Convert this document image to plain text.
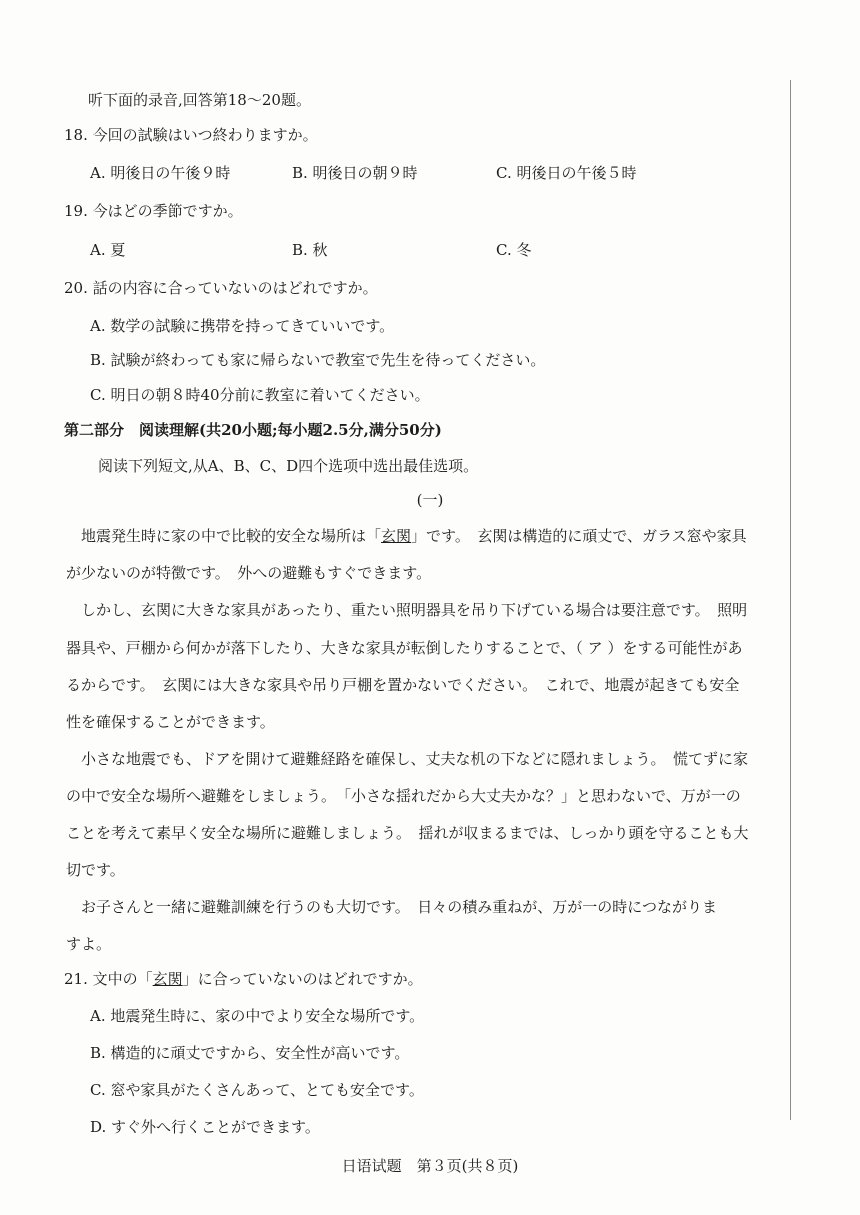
听下面的录音,回答第18～20题。
18. 今回の試験はいつ終わりますか。
A. 明後日の午後９時	B. 明後日の朝９時	C. 明後日の午後５時
19. 今はどの季節ですか。
A. 夏	B. 秋	C. 冬
20. 話の内容に合っていないのはどれですか。
A. 数学の試験に携帯を持ってきていいです。
B. 試験が終わっても家に帰らないで教室で先生を待ってください。
C. 明日の朝８時40分前に教室に着いてください。
第二部分　阅读理解(共20小题;每小题2.5分,满分50分)
阅读下列短文,从A、B、C、D四个选项中选出最佳选项。
(一)
　地震発生時に家の中で比較的安全な場所は「玄関」です。　玄関は構造的に頑丈で、ガラス窓や家具
が少ないのが特徴です。　外への避難もすぐできます。
　しかし、玄関に大きな家具があったり、重たい照明器具を吊り下げている場合は要注意です。　照明
器具や、戸棚から何かが落下したり、大きな家具が転倒したりすることで、（ ア ）をする可能性があ
るからです。　玄関には大きな家具や吊り戸棚を置かないでください。　これで、地震が起きても安全
性を確保することができます。
　小さな地震でも、ドアを開けて避難経路を確保し、丈夫な机の下などに隠れましょう。　慌てずに家
の中で安全な場所へ避難をしましょう。　「小さな揺れだから大丈夫かな？」と思わないで、万が一の
ことを考えて素早く安全な場所に避難しましょう。　揺れが収まるまでは、しっかり頭を守ることも大
切です。
　お子さんと一緒に避難訓練を行うのも大切です。　日々の積み重ねが、万が一の時につながりま
すよ。
21. 文中の「玄関」に合っていないのはどれですか。
A. 地震発生時に、家の中でより安全な場所です。
B. 構造的に頑丈ですから、安全性が高いです。
C. 窓や家具がたくさんあって、とても安全です。
D. すぐ外へ行くことができます。
日语试题　第３页(共８页)
